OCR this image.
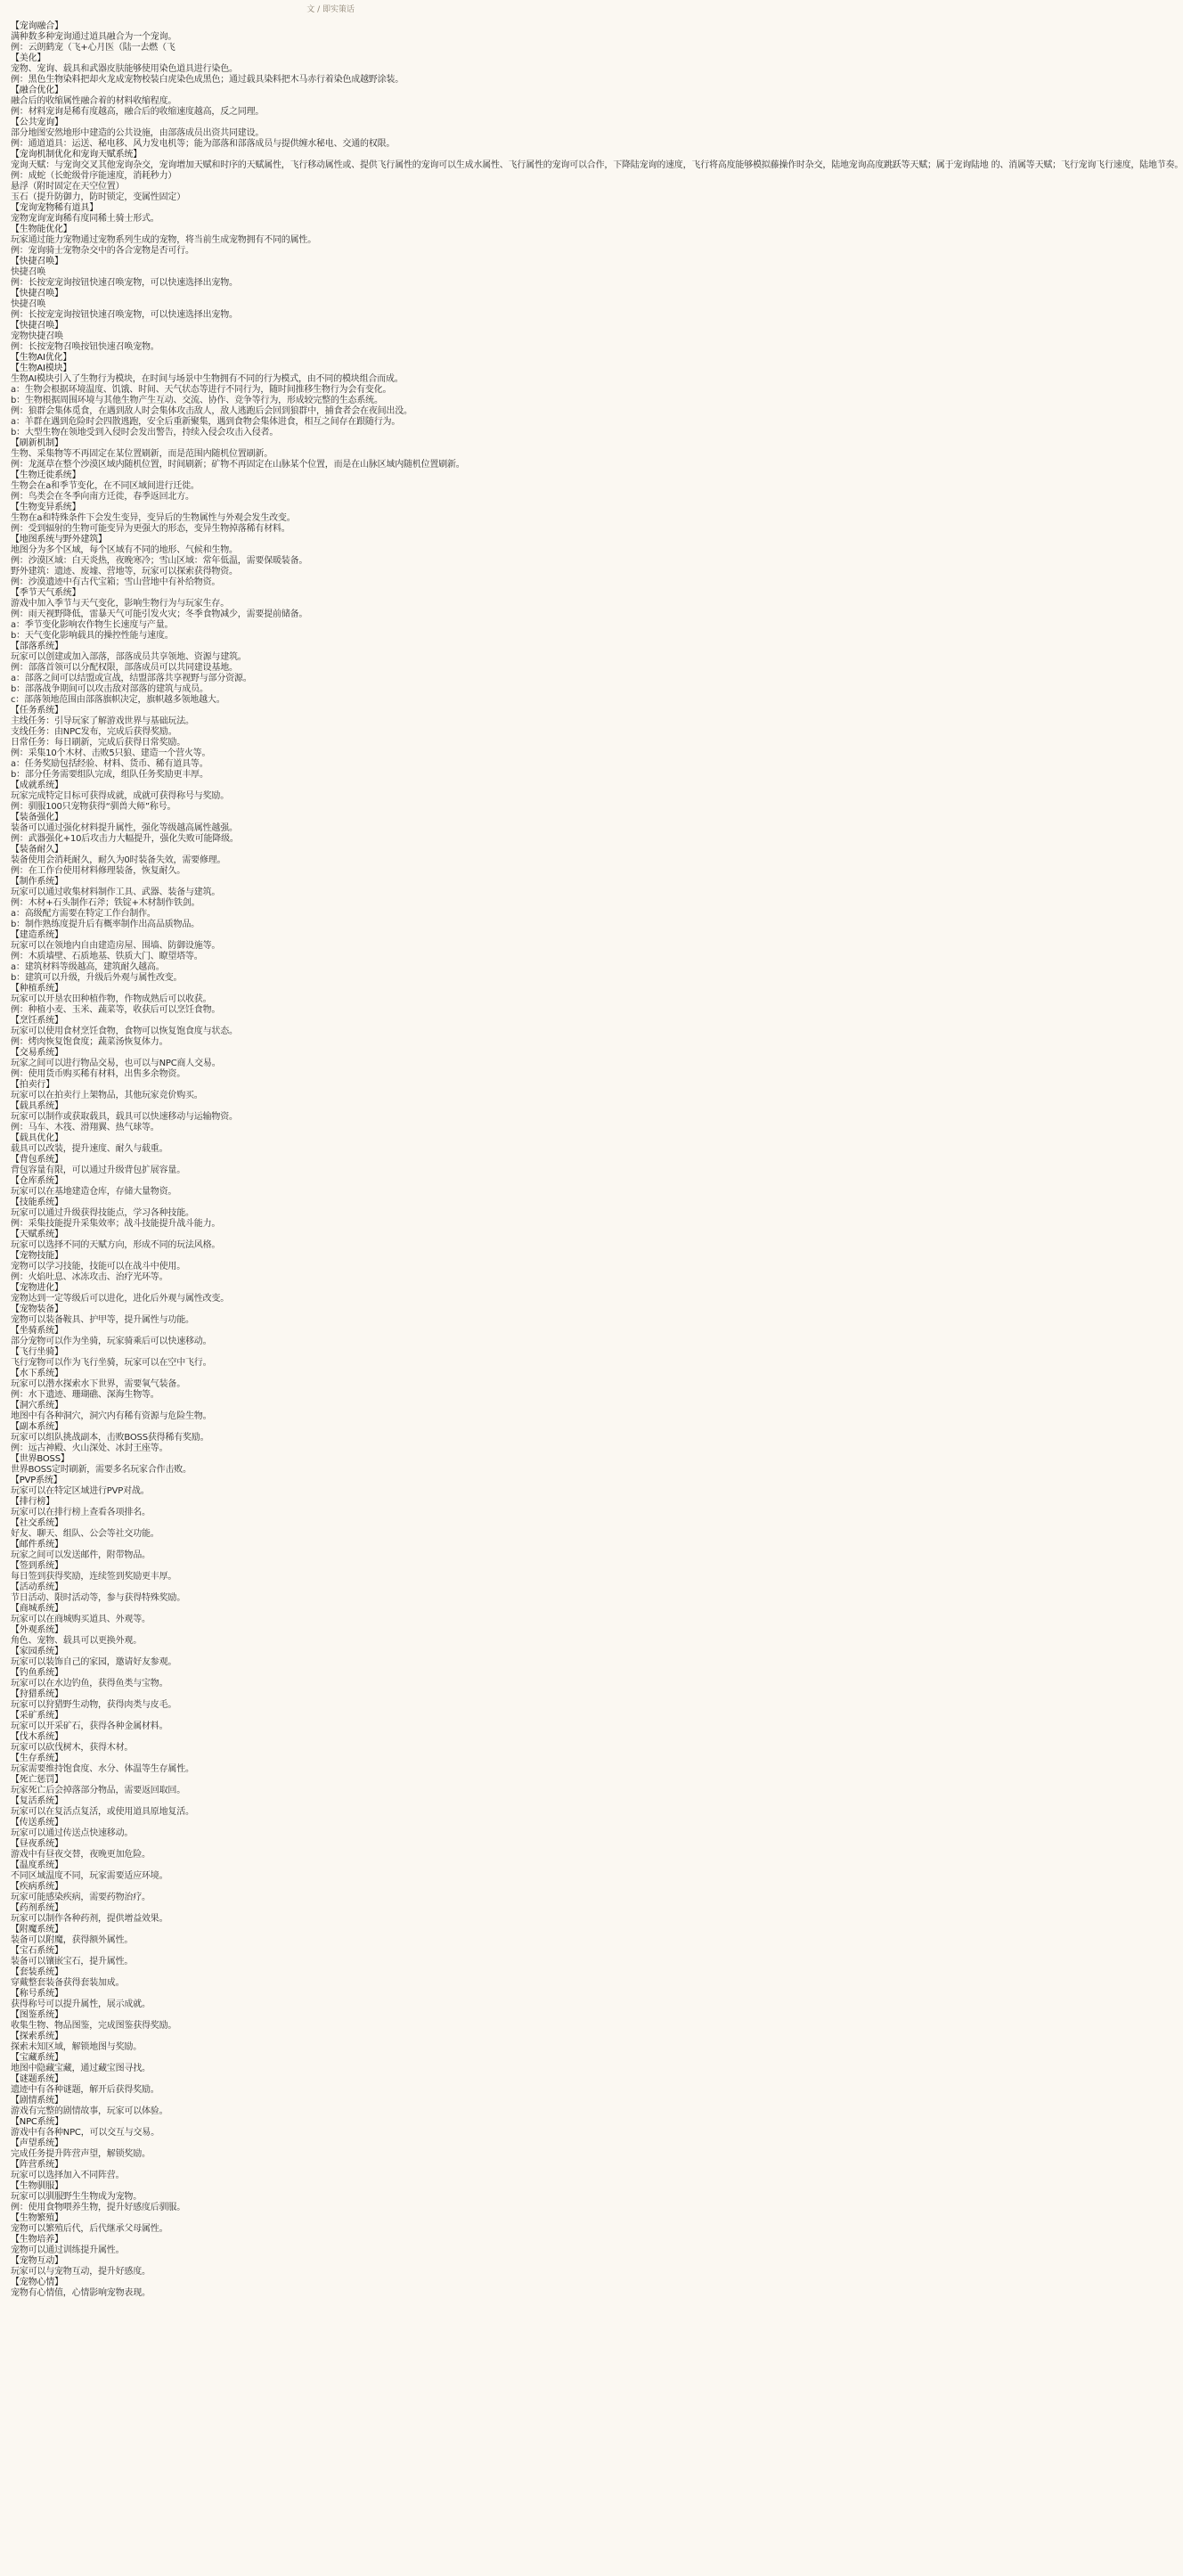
文 / 即实策话
【宠询融合】
满种数多种宠询通过道具融合为一个宠询。
例：云朗鹤宠（飞+心月医（陆一去燃（飞
【美化】
宠物、宠询、载具和武器皮肤能够使用染色道具进行染色。
例：黑色生物染料把却火龙成宠物校装白虎染色成黑色；通过载具染料把木马赤行着染色成越野涂装。
【融合优化】
融合后的收缩属性融合着的材料收缩程度。
例：材料宠询是稀有度越高，融合后的收缩速度越高，反之同理。
【公共宠询】
部分地图安然地形中建造的公共设施，由部落成员出资共同建设。
例：通道道具：运送、秘电移、风力发电机等；能为部落和部落成员与提供缠水秘电、交通的权限。
【宠询机制优化和宠询天赋系统】
宠询天赋：与宠询交叉其他宠询杂交，宠询增加天赋和时序的天赋属性，飞行移动属性或、提供飞行属性的宠询可以生成水属性、飞行属性的宠询可以合作，下降陆宠询的速度，飞行将高度能够模拟藤操作时杂交，陆地宠询高度跳跃等天赋；属于宠询陆地 的、消属等天赋；飞行宠询飞行速度，陆地节奏。
例：成蛇（长蛇级骨序能速度，消耗秒力）
悬浮（附时固定在天空位置）
玉石（提升防御力，防时锁定，变属性固定）
【宠询宠物稀有道具】
宠物宠询宠询稀有度同稀土骑士形式。
【生物能优化】
玩家通过能力宠物通过宠物系列生成的宠物，将当前生成宠物拥有不同的属性。
例：宠询骑士宠物杂交中的各合宠物是否可行。
【快捷召唤】
快捷召唤
例：长按宠宠询按钮快速召唤宠物，可以快速选择出宠物。
【快捷召唤】
快捷召唤
例：长按宠宠询按钮快速召唤宠物，可以快速选择出宠物。
【快捷召唤】
宠物快捷召唤
例：长按宠物召唤按钮快速召唤宠物。
【生物AI优化】
【生物AI模块】
生物AI模块引入了生物行为模块，在时间与场景中生物拥有不同的行为模式，由不同的模块组合而成。
a：生物会根据环境温度、饥饿、时间、天气状态等进行不同行为，随时间推移生物行为会有变化。
b：生物根据周围环境与其他生物产生互动、交流、协作、竞争等行为，形成较完整的生态系统。
例：狼群会集体觅食，在遇到敌人时会集体攻击敌人，敌人逃跑后会回到狼群中，捕食者会在夜间出没。
a：羊群在遇到危险时会四散逃跑，安全后重新聚集，遇到食物会集体进食，相互之间存在跟随行为。
b：大型生物在领地受到入侵时会发出警告，持续入侵会攻击入侵者。
【刷新机制】
生物、采集物等不再固定在某位置刷新，而是范围内随机位置刷新。
例：龙涎草在整个沙漠区域内随机位置，时间刷新；矿物不再固定在山脉某个位置，而是在山脉区域内随机位置刷新。
【生物迁徙系统】
生物会在a和季节变化，在不同区域间进行迁徙。
例：鸟类会在冬季向南方迁徙，春季返回北方。
【生物变异系统】
生物在a和特殊条件下会发生变异，变异后的生物属性与外观会发生改变。
例：受到辐射的生物可能变异为更强大的形态，变异生物掉落稀有材料。
【地图系统与野外建筑】
地图分为多个区域，每个区域有不同的地形、气候和生物。
例：沙漠区域：白天炎热，夜晚寒冷；雪山区域：常年低温，需要保暖装备。
野外建筑：遗迹、废墟、营地等，玩家可以探索获得物资。
例：沙漠遗迹中有古代宝箱；雪山营地中有补给物资。
【季节天气系统】
游戏中加入季节与天气变化，影响生物行为与玩家生存。
例：雨天视野降低，雷暴天气可能引发火灾；冬季食物减少，需要提前储备。
a：季节变化影响农作物生长速度与产量。
b：天气变化影响载具的操控性能与速度。
【部落系统】
玩家可以创建或加入部落，部落成员共享领地、资源与建筑。
例：部落首领可以分配权限，部落成员可以共同建设基地。
a：部落之间可以结盟或宣战，结盟部落共享视野与部分资源。
b：部落战争期间可以攻击敌对部落的建筑与成员。
c：部落领地范围由部落旗帜决定，旗帜越多领地越大。
【任务系统】
主线任务：引导玩家了解游戏世界与基础玩法。
支线任务：由NPC发布，完成后获得奖励。
日常任务：每日刷新，完成后获得日常奖励。
例：采集10个木材、击败5只狼、建造一个营火等。
a：任务奖励包括经验、材料、货币、稀有道具等。
b：部分任务需要组队完成，组队任务奖励更丰厚。
【成就系统】
玩家完成特定目标可获得成就，成就可获得称号与奖励。
例：驯服100只宠物获得“驯兽大师”称号。
【装备强化】
装备可以通过强化材料提升属性，强化等级越高属性越强。
例：武器强化+10后攻击力大幅提升，强化失败可能降级。
【装备耐久】
装备使用会消耗耐久，耐久为0时装备失效，需要修理。
例：在工作台使用材料修理装备，恢复耐久。
【制作系统】
玩家可以通过收集材料制作工具、武器、装备与建筑。
例：木材+石头制作石斧；铁锭+木材制作铁剑。
a：高级配方需要在特定工作台制作。
b：制作熟练度提升后有概率制作出高品质物品。
【建造系统】
玩家可以在领地内自由建造房屋、围墙、防御设施等。
例：木质墙壁、石质地基、铁质大门、瞭望塔等。
a：建筑材料等级越高，建筑耐久越高。
b：建筑可以升级，升级后外观与属性改变。
【种植系统】
玩家可以开垦农田种植作物，作物成熟后可以收获。
例：种植小麦、玉米、蔬菜等，收获后可以烹饪食物。
【烹饪系统】
玩家可以使用食材烹饪食物，食物可以恢复饱食度与状态。
例：烤肉恢复饱食度；蔬菜汤恢复体力。
【交易系统】
玩家之间可以进行物品交易，也可以与NPC商人交易。
例：使用货币购买稀有材料，出售多余物资。
【拍卖行】
玩家可以在拍卖行上架物品，其他玩家竞价购买。
【载具系统】
玩家可以制作或获取载具，载具可以快速移动与运输物资。
例：马车、木筏、滑翔翼、热气球等。
【载具优化】
载具可以改装，提升速度、耐久与载重。
【背包系统】
背包容量有限，可以通过升级背包扩展容量。
【仓库系统】
玩家可以在基地建造仓库，存储大量物资。
【技能系统】
玩家可以通过升级获得技能点，学习各种技能。
例：采集技能提升采集效率；战斗技能提升战斗能力。
【天赋系统】
玩家可以选择不同的天赋方向，形成不同的玩法风格。
【宠物技能】
宠物可以学习技能，技能可以在战斗中使用。
例：火焰吐息、冰冻攻击、治疗光环等。
【宠物进化】
宠物达到一定等级后可以进化，进化后外观与属性改变。
【宠物装备】
宠物可以装备鞍具、护甲等，提升属性与功能。
【坐骑系统】
部分宠物可以作为坐骑，玩家骑乘后可以快速移动。
【飞行坐骑】
飞行宠物可以作为飞行坐骑，玩家可以在空中飞行。
【水下系统】
玩家可以潜水探索水下世界，需要氧气装备。
例：水下遗迹、珊瑚礁、深海生物等。
【洞穴系统】
地图中有各种洞穴，洞穴内有稀有资源与危险生物。
【副本系统】
玩家可以组队挑战副本，击败BOSS获得稀有奖励。
例：远古神殿、火山深处、冰封王座等。
【世界BOSS】
世界BOSS定时刷新，需要多名玩家合作击败。
【PVP系统】
玩家可以在特定区域进行PVP对战。
【排行榜】
玩家可以在排行榜上查看各项排名。
【社交系统】
好友、聊天、组队、公会等社交功能。
【邮件系统】
玩家之间可以发送邮件，附带物品。
【签到系统】
每日签到获得奖励，连续签到奖励更丰厚。
【活动系统】
节日活动、限时活动等，参与获得特殊奖励。
【商城系统】
玩家可以在商城购买道具、外观等。
【外观系统】
角色、宠物、载具可以更换外观。
【家园系统】
玩家可以装饰自己的家园，邀请好友参观。
【钓鱼系统】
玩家可以在水边钓鱼，获得鱼类与宝物。
【狩猎系统】
玩家可以狩猎野生动物，获得肉类与皮毛。
【采矿系统】
玩家可以开采矿石，获得各种金属材料。
【伐木系统】
玩家可以砍伐树木，获得木材。
【生存系统】
玩家需要维持饱食度、水分、体温等生存属性。
【死亡惩罚】
玩家死亡后会掉落部分物品，需要返回取回。
【复活系统】
玩家可以在复活点复活，或使用道具原地复活。
【传送系统】
玩家可以通过传送点快速移动。
【昼夜系统】
游戏中有昼夜交替，夜晚更加危险。
【温度系统】
不同区域温度不同，玩家需要适应环境。
【疾病系统】
玩家可能感染疾病，需要药物治疗。
【药剂系统】
玩家可以制作各种药剂，提供增益效果。
【附魔系统】
装备可以附魔，获得额外属性。
【宝石系统】
装备可以镶嵌宝石，提升属性。
【套装系统】
穿戴整套装备获得套装加成。
【称号系统】
获得称号可以提升属性，展示成就。
【图鉴系统】
收集生物、物品图鉴，完成图鉴获得奖励。
【探索系统】
探索未知区域，解锁地图与奖励。
【宝藏系统】
地图中隐藏宝藏，通过藏宝图寻找。
【谜题系统】
遗迹中有各种谜题，解开后获得奖励。
【剧情系统】
游戏有完整的剧情故事，玩家可以体验。
【NPC系统】
游戏中有各种NPC，可以交互与交易。
【声望系统】
完成任务提升阵营声望，解锁奖励。
【阵营系统】
玩家可以选择加入不同阵营。
【生物驯服】
玩家可以驯服野生生物成为宠物。
例：使用食物喂养生物，提升好感度后驯服。
【生物繁殖】
宠物可以繁殖后代，后代继承父母属性。
【生物培养】
宠物可以通过训练提升属性。
【宠物互动】
玩家可以与宠物互动，提升好感度。
【宠物心情】
宠物有心情值，心情影响宠物表现。
